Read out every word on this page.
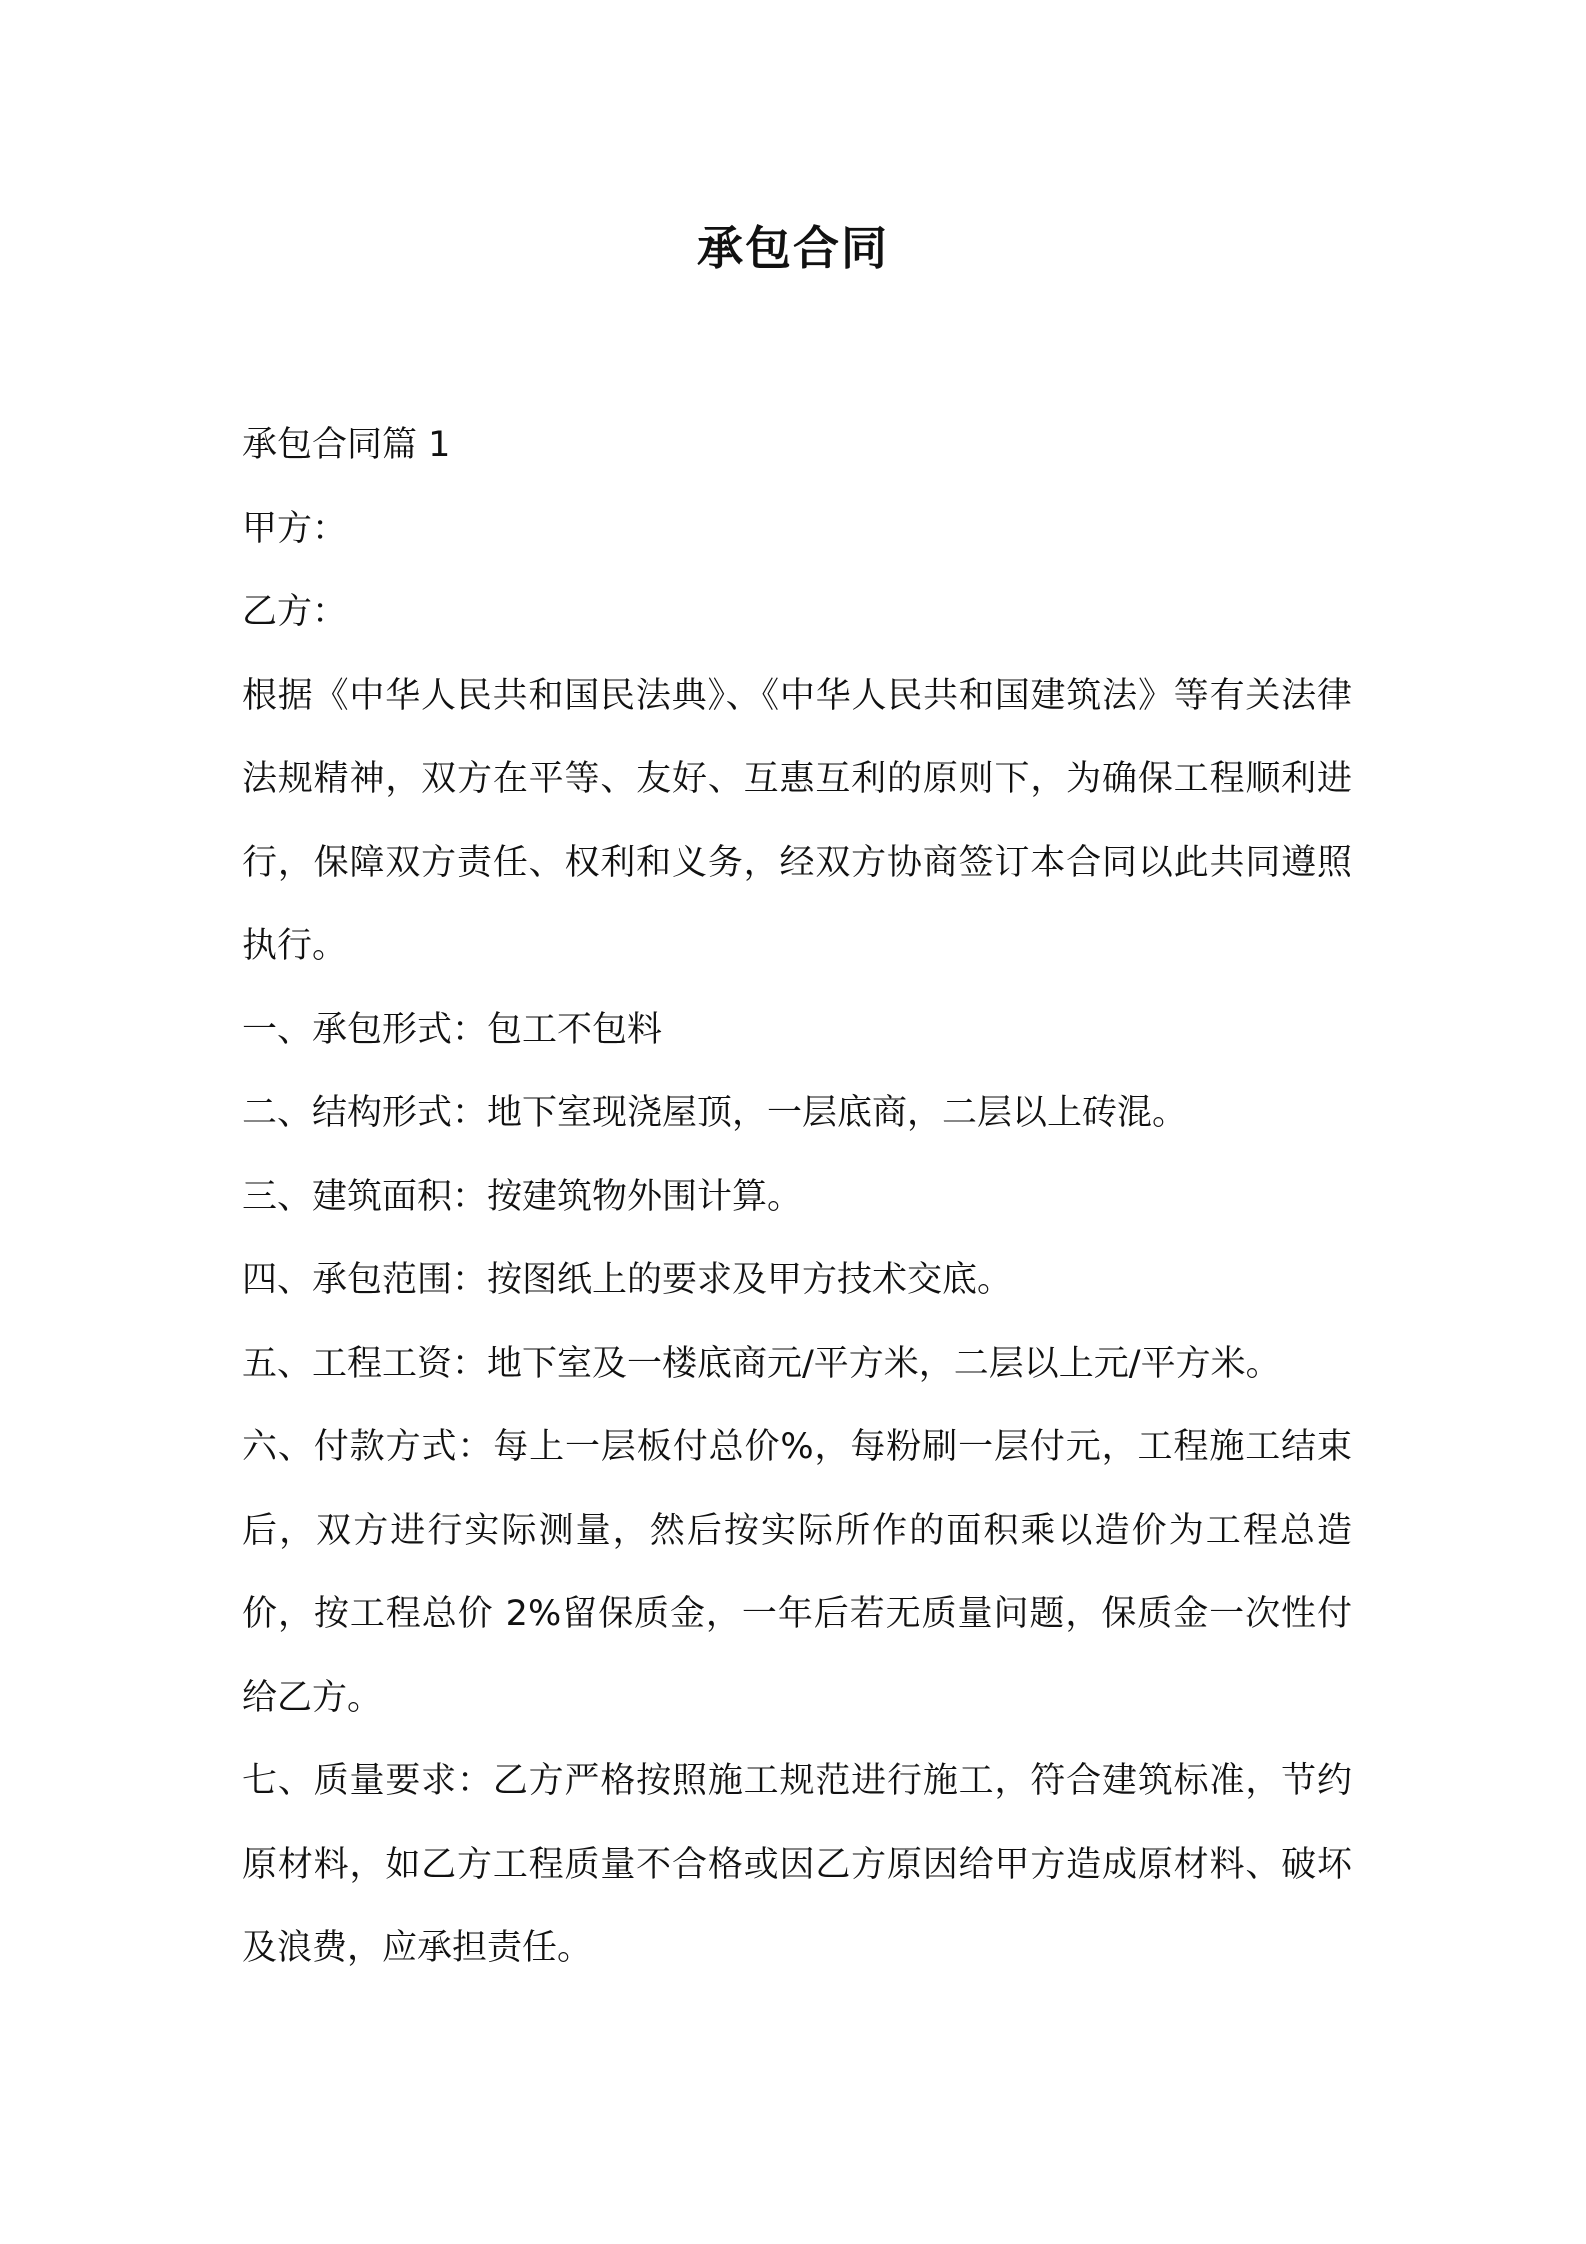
承包合同

承包合同篇 1

甲方：

乙方：

根据《中华人民共和国民法典》、《中华人民共和国建筑法》等有关法律法规精神，双方在平等、友好、互惠互利的原则下，为确保工程顺利进行，保障双方责任、权利和义务，经双方协商签订本合同以此共同遵照执行。

一、承包形式：包工不包料

二、结构形式：地下室现浇屋顶，一层底商，二层以上砖混。

三、建筑面积：按建筑物外围计算。

四、承包范围：按图纸上的要求及甲方技术交底。

五、工程工资：地下室及一楼底商元/平方米，二层以上元/平方米。

六、付款方式：每上一层板付总价%，每粉刷一层付元，工程施工结束后，双方进行实际测量，然后按实际所作的面积乘以造价为工程总造价，按工程总价 2%留保质金，一年后若无质量问题，保质金一次性付给乙方。

七、质量要求：乙方严格按照施工规范进行施工，符合建筑标准，节约原材料，如乙方工程质量不合格或因乙方原因给甲方造成原材料、破坏及浪费，应承担责任。
